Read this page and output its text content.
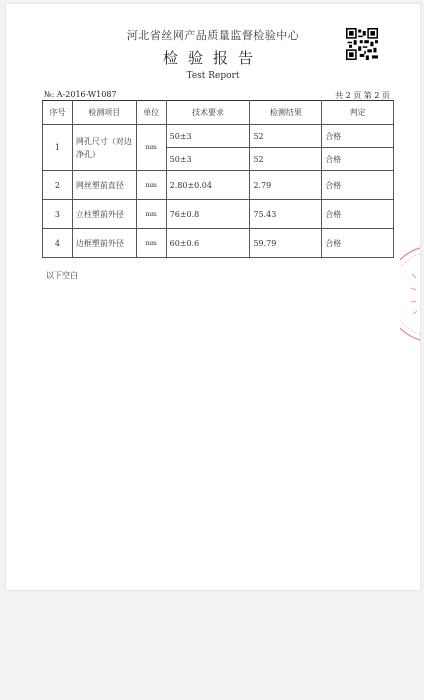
河北省丝网产品质量监督检验中心
检验报告
Test Report
№: A-2016-W1087	共 2 页 第 2 页
序号	检测项目	单位	技术要求	检测结果	判定
1	网孔尺寸（对边净孔）	mm	50±3	52	合格
			50±3	52	合格
2	网丝塑前直径	mm	2.80±0.04	2.79	合格
3	立柱塑前外径	mm	76±0.8	75.43	合格
4	边框塑前外径	mm	60±0.6	59.79	合格
以下空白
